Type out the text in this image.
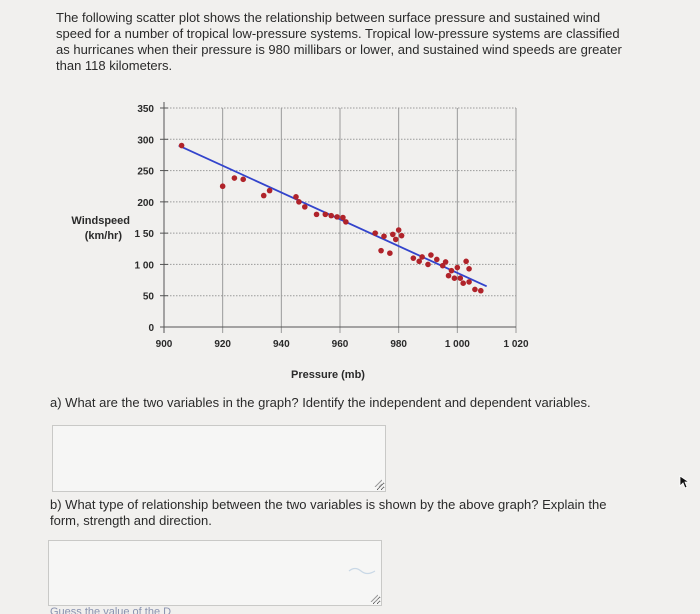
The following scatter plot shows the relationship between surface pressure and sustained wind speed for a number of tropical low-pressure systems. Tropical low-pressure systems are classified as hurricanes when their pressure is 980 millibars or lower, and sustained wind speeds are greater than 118 kilometers.

0
50
1 00
1 50
200
250
300
350
900	920	940	960	980	1 000	1 020
Windspeed
(km/hr)
Pressure (mb)

a) What are the two variables in the graph? Identify the independent and dependent variables.

b) What type of relationship between the two variables is shown by the above graph? Explain the form, strength and direction.

Guess the value of the D
